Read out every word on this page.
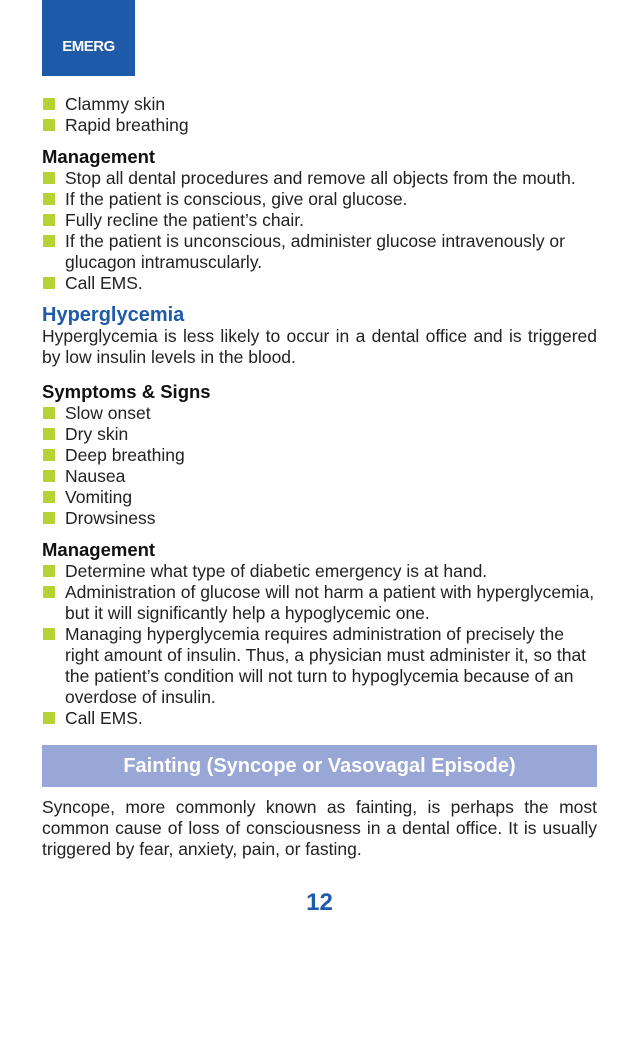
EMERG
Clammy skin
Rapid breathing
Management
Stop all dental procedures and remove all objects from the mouth.
If the patient is conscious, give oral glucose.
Fully recline the patient’s chair.
If the patient is unconscious, administer glucose intravenously or glucagon intramuscularly.
Call EMS.
Hyperglycemia

Hyperglycemia is less likely to occur in a dental office and is triggered by low insulin levels in the blood.

Symptoms & Signs
Slow onset
Dry skin
Deep breathing
Nausea
Vomiting
Drowsiness
Management
Determine what type of diabetic emergency is at hand.
Administration of glucose will not harm a patient with hyperglycemia, but it will significantly help a hypoglycemic one.
Managing hyperglycemia requires administration of precisely the right amount of insulin. Thus, a physician must administer it, so that the patient’s condition will not turn to hypoglycemia because of an overdose of insulin.
Call EMS.
Fainting (Syncope or Vasovagal Episode)

Syncope, more commonly known as fainting, is perhaps the most common cause of loss of consciousness in a dental office. It is usually triggered by fear, anxiety, pain, or fasting.

12
